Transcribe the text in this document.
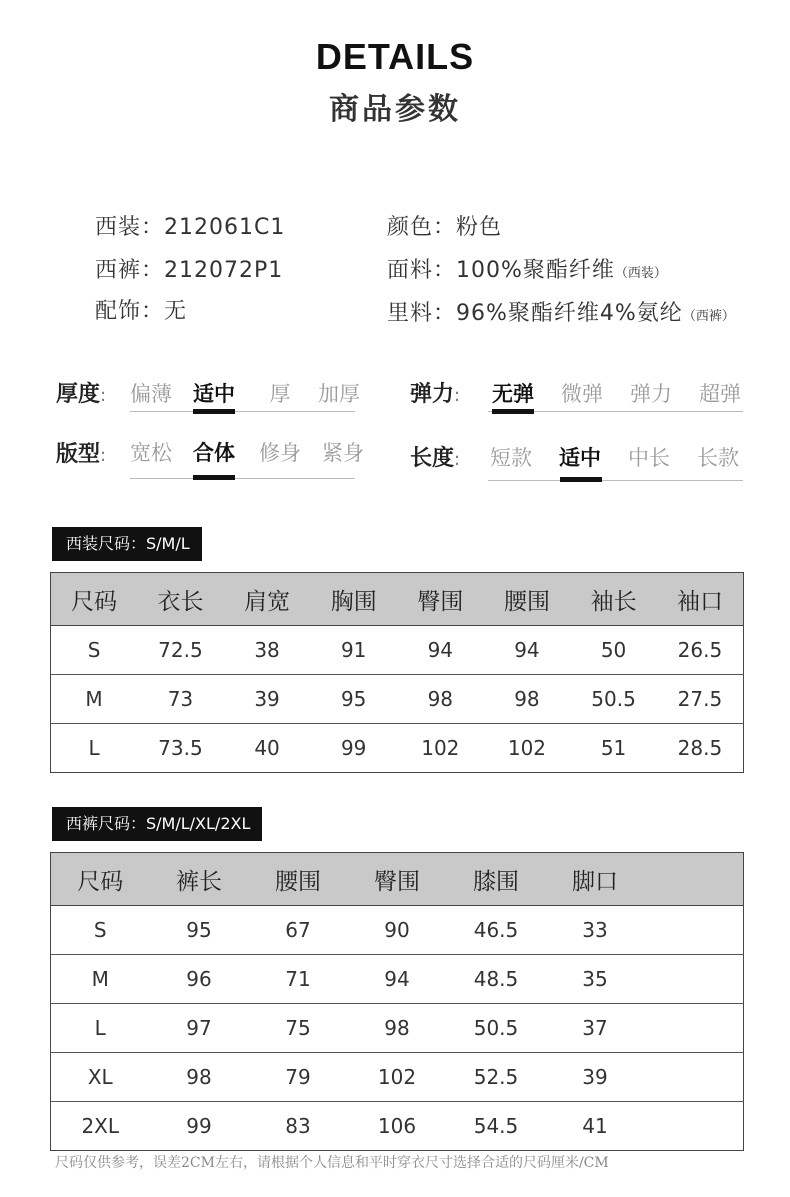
DETAILS
商品参数
西装：212061C1
西裤：212072P1
配饰：无
颜色：粉色
面料：100%聚酯纤维（西装）
里料：96%聚酯纤维4%氨纶（西裤）
厚度:	偏薄	适中	厚	加厚	弹力:	无弹	微弹	弹力	超弹
版型:	宽松	合体	修身	紧身	长度:	短款	适中	中长	长款
西装尺码：S/M/L
尺码	衣长	肩宽	胸围	臀围	腰围	袖长	袖口
S	72.5	38	91	94	94	50	26.5
M	73	39	95	98	98	50.5	27.5
L	73.5	40	99	102	102	51	28.5
西裤尺码：S/M/L/XL/2XL
尺码	裤长	腰围	臀围	膝围	脚口	
S	95	67	90	46.5	33	
M	96	71	94	48.5	35	
L	97	75	98	50.5	37	
XL	98	79	102	52.5	39	
2XL	99	83	106	54.5	41	
尺码仅供参考，误差2CM左右，请根据个人信息和平时穿衣尺寸选择合适的尺码厘米/CM
